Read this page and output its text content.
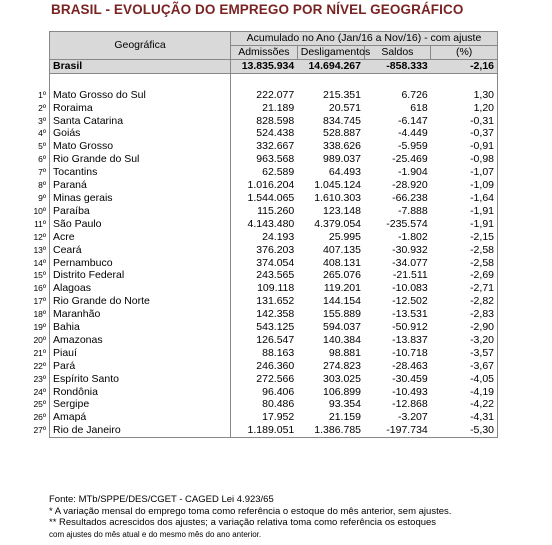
BRASIL - EVOLUÇÃO DO EMPREGO POR NÍVEL GEOGRÁFICO
Geográfica	Acumulado no Ano (Jan/16 a Nov/16) - com ajuste			
	Admissões	Desligamentos	Saldos	(%)
Brasil	13.835.934	14.694.267	-858.333	-2,16

1º Mato Grosso do Sul	222.077	215.351	6.726	1,30

2º Roraima	21.189	20.571	618	1,20

3º Santa Catarina	828.598	834.745	-6.147	-0,31

4º Goiás	524.438	528.887	-4.449	-0,37

5º Mato Grosso	332.667	338.626	-5.959	-0,91

6º Rio Grande do Sul	963.568	989.037	-25.469	-0,98

7º Tocantins	62.589	64.493	-1.904	-1,07

8º Paraná	1.016.204	1.045.124	-28.920	-1,09

9º Minas gerais	1.544.065	1.610.303	-66.238	-1,64

10º Paraíba	115.260	123.148	-7.888	-1,91

11º São Paulo	4.143.480	4.379.054	-235.574	-1,91

12º Acre	24.193	25.995	-1.802	-2,15

13º Ceará	376.203	407.135	-30.932	-2,58

14º Pernambuco	374.054	408.131	-34.077	-2,58

15º Distrito Federal	243.565	265.076	-21.511	-2,69

16º Alagoas	109.118	119.201	-10.083	-2,71

17º Rio Grande do Norte	131.652	144.154	-12.502	-2,82

18º Maranhão	142.358	155.889	-13.531	-2,83

19º Bahia	543.125	594.037	-50.912	-2,90

20º Amazonas	126.547	140.384	-13.837	-3,20

21º Piauí	88.163	98.881	-10.718	-3,57

22º Pará	246.360	274.823	-28.463	-3,67

23º Espírito Santo	272.566	303.025	-30.459	-4,05

24º Rondônia	96.406	106.899	-10.493	-4,19

25º Sergipe	80.486	93.354	-12.868	-4,22

26º Amapá	17.952	21.159	-3.207	-4,31

27º Rio de Janeiro	1.189.051	1.386.785	-197.734	-5,30
Fonte: MTb/SPPE/DES/CGET - CAGED Lei 4.923/65
* A variação mensal do emprego toma como referência o estoque do mês anterior, sem ajustes.
** Resultados acrescidos dos ajustes; a variação relativa toma como referência os estoques
com ajustes do mês atual e do mesmo mês do ano anterior.
